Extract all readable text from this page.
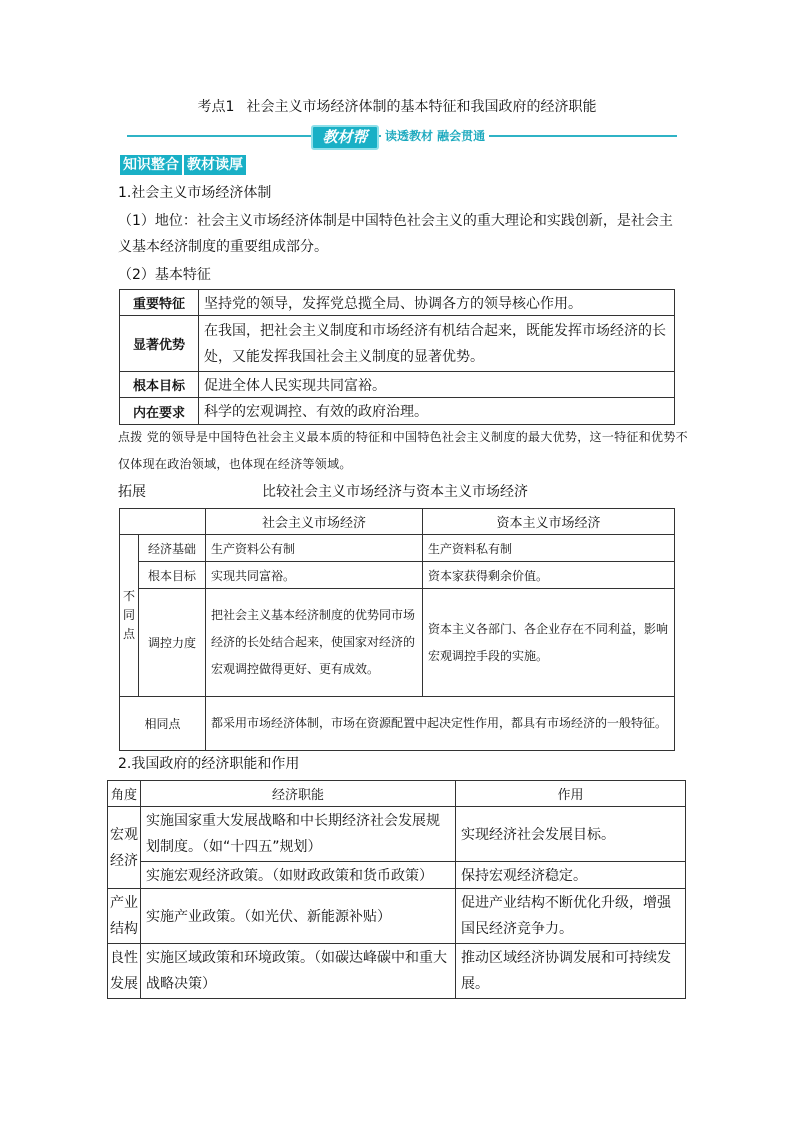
考点1 社会主义市场经济体制的基本特征和我国政府的经济职能
教材帮	读透教材 融会贯通
知识整合 教材读厚
1.社会主义市场经济体制
（1）地位：社会主义市场经济体制是中国特色社会主义的重大理论和实践创新，是社会主义基本经济制度的重要组成部分。
（2）基本特征
重要特征	坚持党的领导，发挥党总揽全局、协调各方的领导核心作用。
显著优势	在我国，把社会主义制度和市场经济有机结合起来，既能发挥市场经济的长处，又能发挥我国社会主义制度的显著优势。
根本目标	促进全体人民实现共同富裕。
内在要求	科学的宏观调控、有效的政府治理。
点拨 党的领导是中国特色社会主义最本质的特征和中国特色社会主义制度的最大优势，这一特征和优势不仅体现在政治领域，也体现在经济等领域。
拓展	比较社会主义市场经济与资本主义市场经济
		社会主义市场经济	资本主义市场经济
不同点	经济基础	生产资料公有制	生产资料私有制
	根本目标	实现共同富裕。	资本家获得剩余价值。
	调控力度	把社会主义基本经济制度的优势同市场经济的长处结合起来，使国家对经济的宏观调控做得更好、更有成效。	资本主义各部门、各企业存在不同利益，影响宏观调控手段的实施。
相同点		都采用市场经济体制，市场在资源配置中起决定性作用，都具有市场经济的一般特征。	
2.我国政府的经济职能和作用
角度	经济职能	作用
宏观经济	实施国家重大发展战略和中长期经济社会发展规划制度。（如“十四五”规划）	实现经济社会发展目标。
	实施宏观经济政策。（如财政政策和货币政策）	保持宏观经济稳定。
产业结构	实施产业政策。（如光伏、新能源补贴）	促进产业结构不断优化升级，增强国民经济竞争力。
良性发展	实施区域政策和环境政策。（如碳达峰碳中和重大战略决策）	推动区域经济协调发展和可持续发展。
